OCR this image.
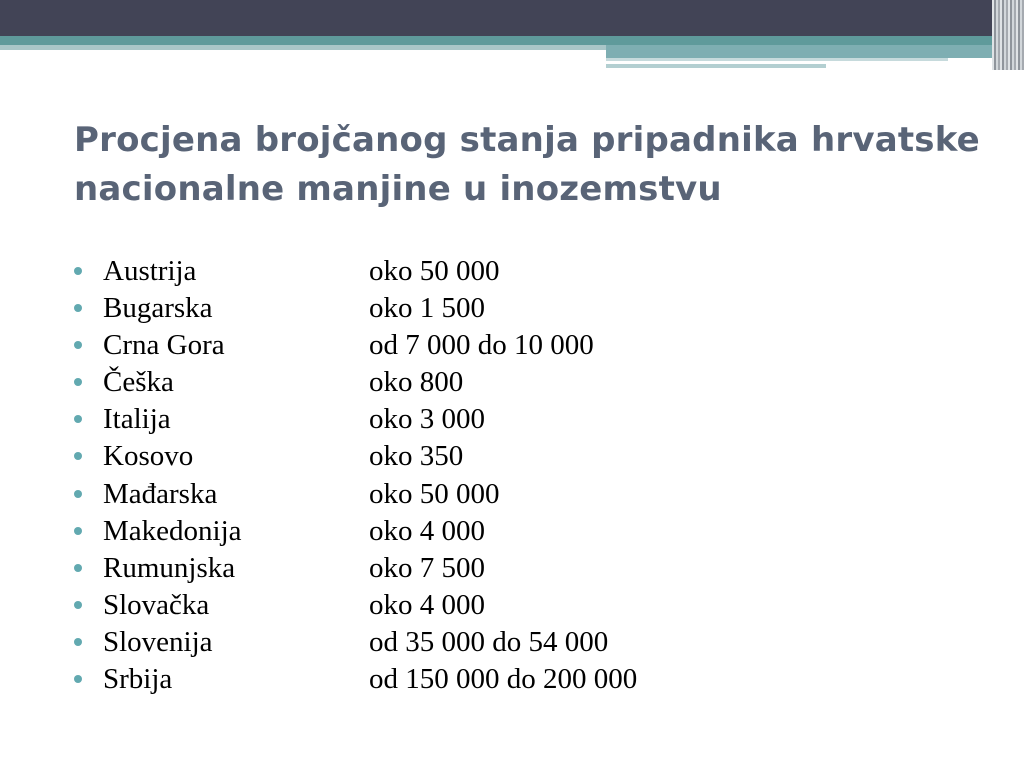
Procjena brojčanog stanja pripadnika hrvatske nacionalne manjine u inozemstvu
Austrija	oko 50 000
Bugarska	oko 1 500
Crna Gora	od 7 000 do 10 000
Češka	oko 800
Italija	oko 3 000
Kosovo	oko 350
Mađarska	oko 50 000
Makedonija	oko 4 000
Rumunjska	oko 7 500
Slovačka	oko 4 000
Slovenija	od 35 000 do 54 000
Srbija	od 150 000 do 200 000
